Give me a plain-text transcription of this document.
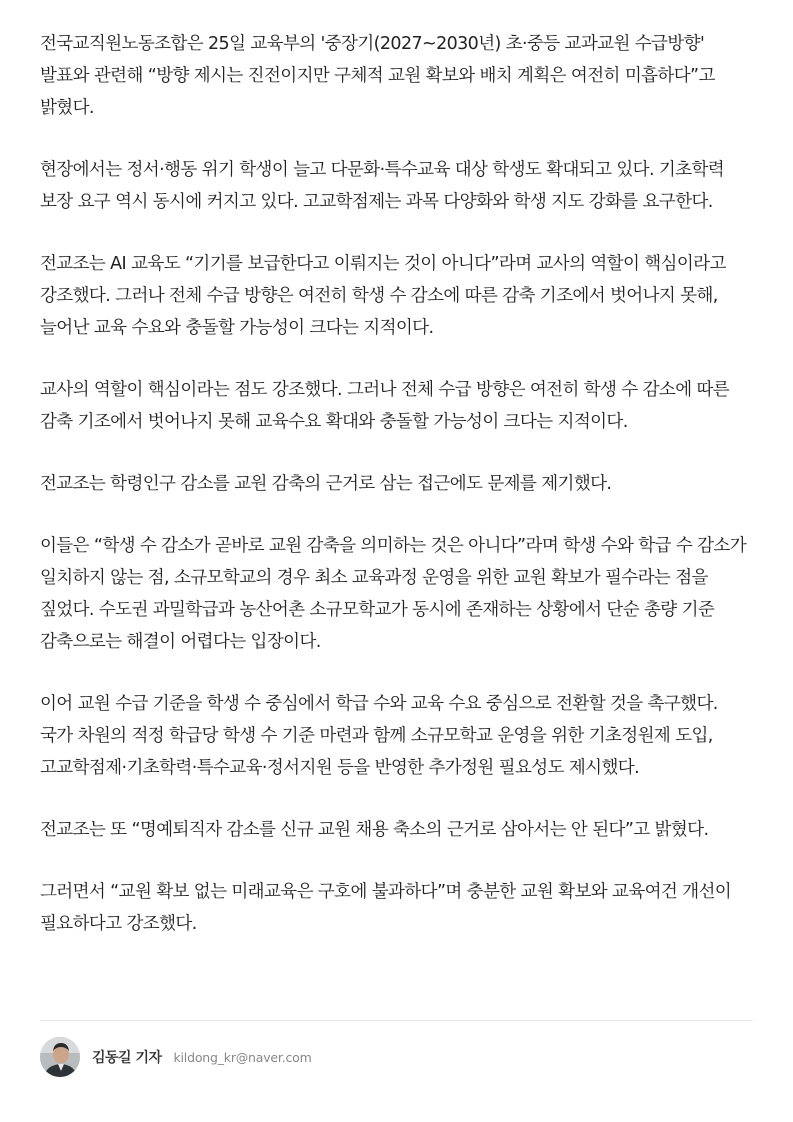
전국교직원노동조합은 25일 교육부의 '중장기(2027~2030년) 초·중등 교과교원 수급방향' 발표와 관련해 “방향 제시는 진전이지만 구체적 교원 확보와 배치 계획은 여전히 미흡하다”고 밝혔다.

현장에서는 정서·행동 위기 학생이 늘고 다문화·특수교육 대상 학생도 확대되고 있다. 기초학력 보장 요구 역시 동시에 커지고 있다. 고교학점제는 과목 다양화와 학생 지도 강화를 요구한다.

전교조는 AI 교육도 “기기를 보급한다고 이뤄지는 것이 아니다”라며 교사의 역할이 핵심이라고 강조했다. 그러나 전체 수급 방향은 여전히 학생 수 감소에 따른 감축 기조에서 벗어나지 못해, 늘어난 교육 수요와 충돌할 가능성이 크다는 지적이다.

교사의 역할이 핵심이라는 점도 강조했다. 그러나 전체 수급 방향은 여전히 학생 수 감소에 따른 감축 기조에서 벗어나지 못해 교육수요 확대와 충돌할 가능성이 크다는 지적이다.

전교조는 학령인구 감소를 교원 감축의 근거로 삼는 접근에도 문제를 제기했다.

이들은 “학생 수 감소가 곧바로 교원 감축을 의미하는 것은 아니다”라며 학생 수와 학급 수 감소가 일치하지 않는 점, 소규모학교의 경우 최소 교육과정 운영을 위한 교원 확보가 필수라는 점을 짚었다. 수도권 과밀학급과 농산어촌 소규모학교가 동시에 존재하는 상황에서 단순 총량 기준 감축으로는 해결이 어렵다는 입장이다.

이어 교원 수급 기준을 학생 수 중심에서 학급 수와 교육 수요 중심으로 전환할 것을 촉구했다. 국가 차원의 적정 학급당 학생 수 기준 마련과 함께 소규모학교 운영을 위한 기초정원제 도입, 고교학점제·기초학력·특수교육·정서지원 등을 반영한 추가정원 필요성도 제시했다.

전교조는 또 “명예퇴직자 감소를 신규 교원 채용 축소의 근거로 삼아서는 안 된다”고 밝혔다.

그러면서 “교원 확보 없는 미래교육은 구호에 불과하다”며 충분한 교원 확보와 교육여건 개선이 필요하다고 강조했다.

김동길 기자 kildong_kr@naver.com
